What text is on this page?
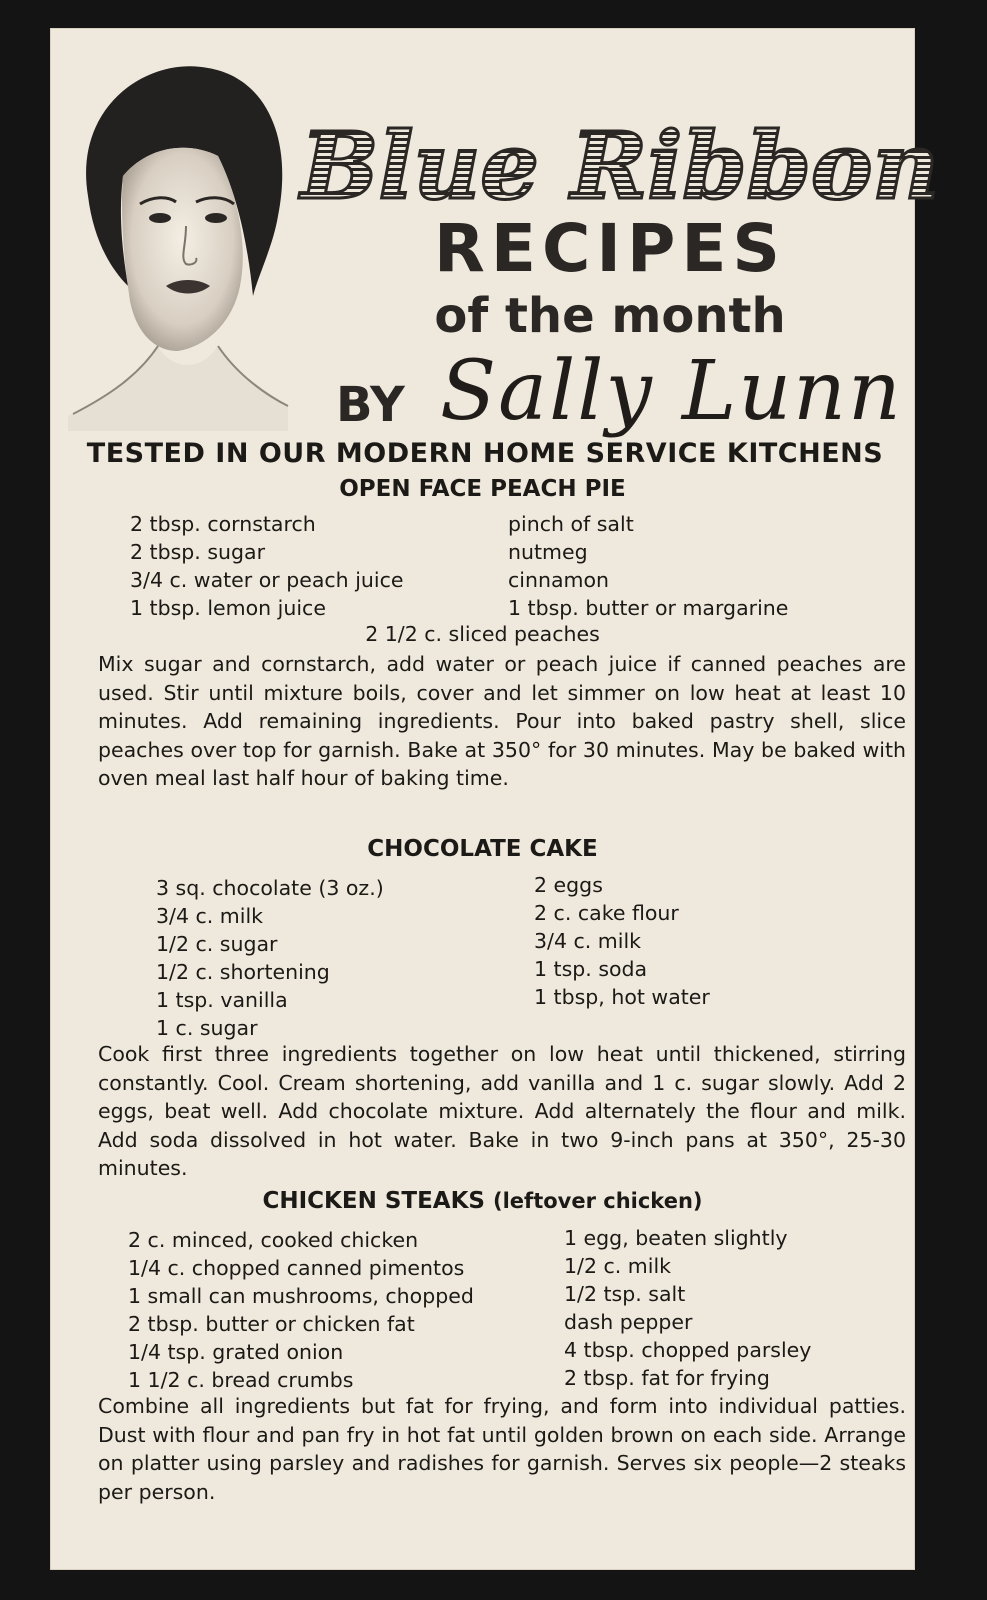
Blue Ribbon
RECIPES
of the month
BY Sally Lunn
TESTED IN OUR MODERN HOME SERVICE KITCHENS
OPEN FACE PEACH PIE
2 tbsp. cornstarch
2 tbsp. sugar
3/4 c. water or peach juice
1 tbsp. lemon juice
pinch of salt
nutmeg
cinnamon
1 tbsp. butter or margarine
2 1/2 c. sliced peaches

Mix sugar and cornstarch, add water or peach juice if canned peaches are used. Stir until mixture boils, cover and let simmer on low heat at least 10 minutes. Add remaining ingredients. Pour into baked pastry shell, slice peaches over top for garnish. Bake at 350° for 30 minutes. May be baked with oven meal last half hour of baking time.

CHOCOLATE CAKE
3 sq. chocolate (3 oz.)
3/4 c. milk
1/2 c. sugar
1/2 c. shortening
1 tsp. vanilla
1 c. sugar
2 eggs
2 c. cake flour
3/4 c. milk
1 tsp. soda
1 tbsp, hot water

Cook first three ingredients together on low heat until thickened, stirring constantly. Cool. Cream shortening, add vanilla and 1 c. sugar slowly. Add 2 eggs, beat well. Add chocolate mixture. Add alternately the flour and milk. Add soda dissolved in hot water. Bake in two 9-inch pans at 350°, 25-30 minutes.

CHICKEN STEAKS (leftover chicken)
2 c. minced, cooked chicken
1/4 c. chopped canned pimentos
1 small can mushrooms, chopped
2 tbsp. butter or chicken fat
1/4 tsp. grated onion
1 1/2 c. bread crumbs
1 egg, beaten slightly
1/2 c. milk
1/2 tsp. salt
dash pepper
4 tbsp. chopped parsley
2 tbsp. fat for frying

Combine all ingredients but fat for frying, and form into individual patties. Dust with flour and pan fry in hot fat until golden brown on each side. Arrange on platter using parsley and radishes for garnish. Serves six people—2 steaks per person.
